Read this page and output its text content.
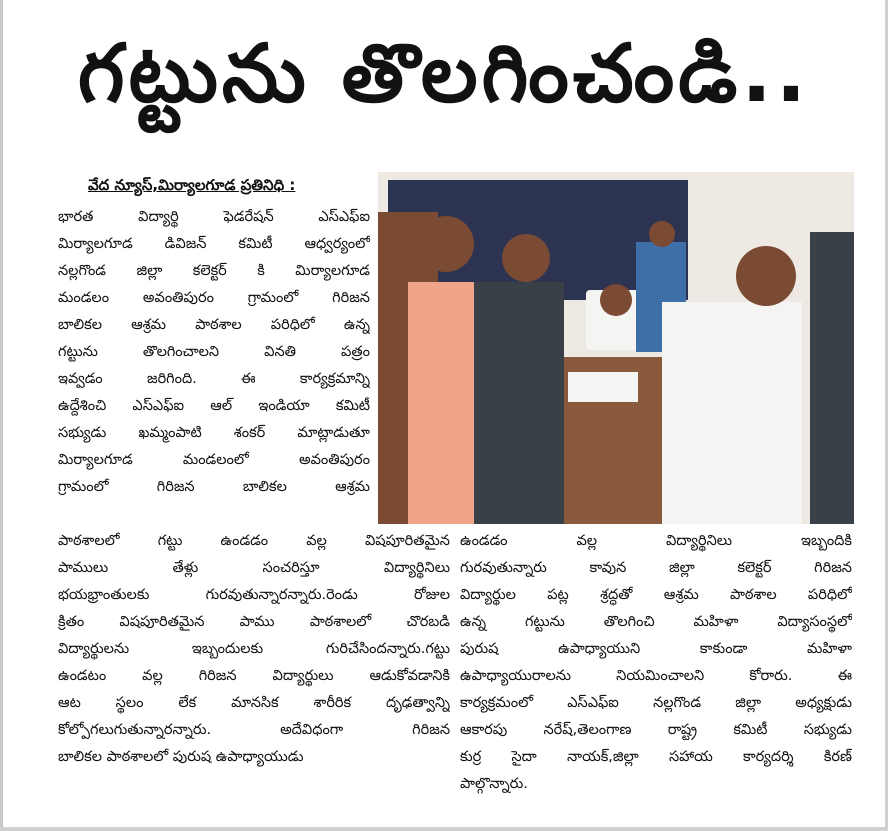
గట్టును తొలగించండి..
వేద న్యూస్,మిర్యాలగూడ ప్రతినిధి :

భారత విద్యార్థి ఫెడరేషన్ ఎస్ఎఫ్ఐ

మిర్యాలగూడ డివిజన్ కమిటీ ఆధ్వర్యంలో

నల్లగొండ జిల్లా కలెక్టర్ కి మిర్యాలగూడ

మండలం అవంతిపురం గ్రామంలో గిరిజన

బాలికల ఆశ్రమ పాఠశాల పరిధిలో ఉన్న

గట్టును తొలగించాలని వినతి పత్రం

ఇవ్వడం జరిగింది. ఈ కార్యక్రమాన్ని

ఉద్దేశించి ఎస్ఎఫ్ఐ ఆల్ ఇండియా కమిటీ

సభ్యుడు ఖమ్మంపాటి శంకర్ మాట్లాడుతూ

మిర్యాలగూడ మండలంలో అవంతిపురం

గ్రామంలో గిరిజన బాలికల ఆశ్రమ

పాఠశాలలో గట్టు ఉండడం వల్ల విషపూరితమైన

పాములు తేళ్లు సంచరిస్తూ విద్యార్థినిలు

భయభ్రాంతులకు గురవుతున్నారన్నారు.రెండు రోజుల

క్రితం విషపూరితమైన పాము పాఠశాలలో చొరబడి

విద్యార్థులను ఇబ్బందులకు గురిచేసిందన్నారు.గట్టు

ఉండటం వల్ల గిరిజన విద్యార్థులు ఆడుకోవడానికి

ఆట స్థలం లేక మానసిక శారీరిక దృఢత్వాన్ని

కోల్పోగలుగుతున్నారన్నారు. అదేవిధంగా గిరిజన

బాలికల పాఠశాలలో పురుష ఉపాధ్యాయుడు

ఉండడం వల్ల విద్యార్థినిలు ఇబ్బందికి

గురవుతున్నారు కావున జిల్లా కలెక్టర్ గిరిజన

విద్యార్థుల పట్ల శ్రద్ధతో ఆశ్రమ పాఠశాల పరిధిలో

ఉన్న గట్టును తొలగించి మహిళా విద్యాసంస్థలో

పురుష ఉపాధ్యాయుని కాకుండా మహిళా

ఉపాధ్యాయురాలను నియమించాలని కోరారు. ఈ

కార్యక్రమంలో ఎస్ఎఫ్ఐ నల్లగొండ జిల్లా అధ్యక్షుడు

ఆకారపు నరేష్,తెలంగాణ రాష్ట్ర కమిటీ సభ్యుడు

కుర్ర సైదా నాయక్,జిల్లా సహాయ కార్యదర్శి కిరణ్

పాల్గొన్నారు.
